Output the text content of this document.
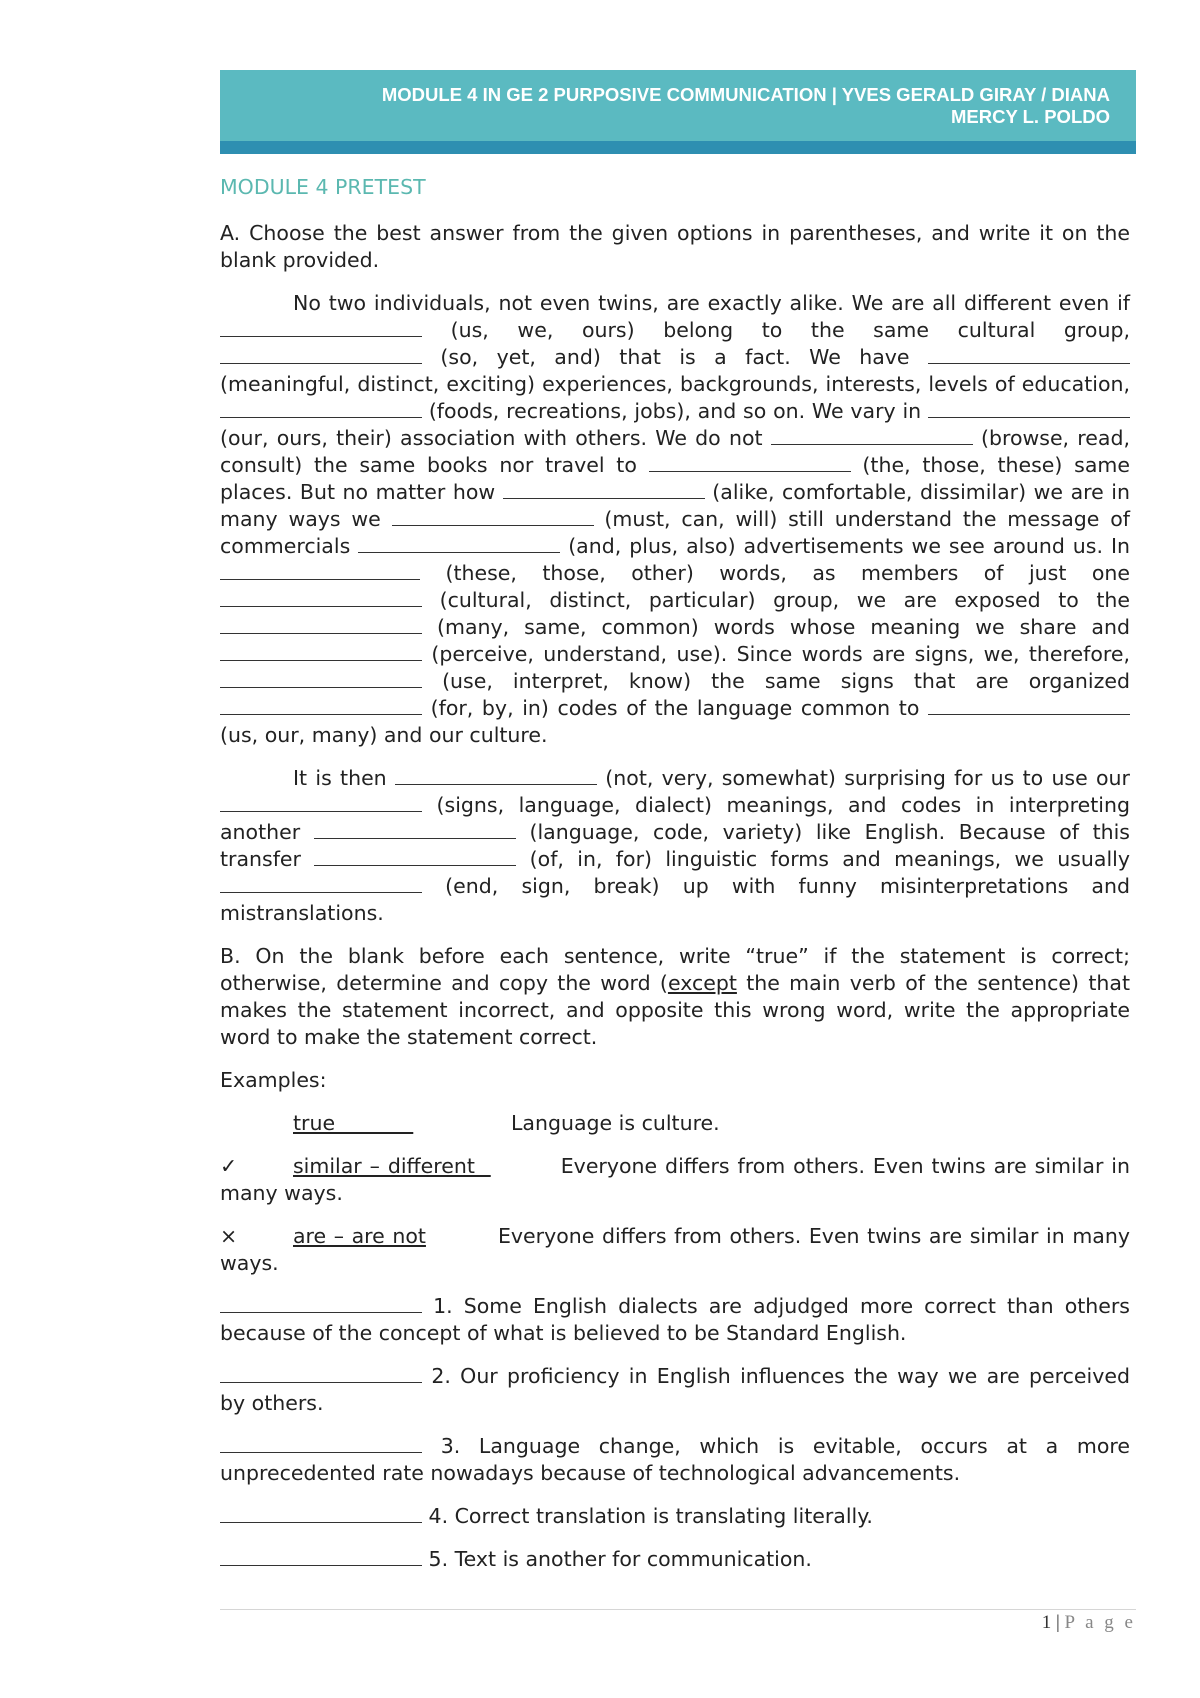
MODULE 4 IN GE 2 PURPOSIVE COMMUNICATION | YVES GERALD GIRAY / DIANA
MERCY L. POLDO
MODULE 4 PRETEST

A. Choose the best answer from the given options in parentheses, and write it on the blank provided.

No two individuals, not even twins, are exactly alike. We are all different even if  (us, we, ours) belong to the same cultural group,  (so, yet, and) that is a fact. We have  (meaningful, distinct, exciting) experiences, backgrounds, interests, levels of education,  (foods, recreations, jobs), and so on. We vary in  (our, ours, their) association with others. We do not	(browse, read, consult) the same books nor travel to	(the, those, these) same places. But no matter how	(alike, comfortable, dissimilar) we are in many ways we	(must, can, will) still understand the message of commercials	(and, plus, also) advertisements we see around us. In  (these, those, other) words, as members of just one  (cultural, distinct, particular) group, we are exposed to the  (many, same, common) words whose meaning we share and  (perceive, understand, use). Since words are signs, we, therefore,  (use, interpret, know) the same signs that are organized  (for, by, in) codes of the language common to  (us, our, many) and our culture.

It is then	(not, very, somewhat) surprising for us to use our  (signs, language, dialect) meanings, and codes in interpreting another	(language, code, variety) like English. Because of this transfer	(of, in, for) linguistic forms and meanings, we usually  (end, sign, break) up with funny misinterpretations and mistranslations.

B. On the blank before each sentence, write “true” if the statement is correct; otherwise, determine and copy the word (except the main verb of the sentence) that makes the statement incorrect, and opposite this wrong word, write the appropriate word to make the statement correct.

Examples:

true	Language is culture.

✓	similar – different	Everyone differs from others. Even twins are similar in many ways.

×	are – are not	Everyone differs from others. Even twins are similar in many ways.

1. Some English dialects are adjudged more correct than others because of the concept of what is believed to be Standard English.

2. Our proficiency in English influences the way we are perceived by others.

3. Language change, which is evitable, occurs at a more unprecedented rate nowadays because of technological advancements.

4. Correct translation is translating literally.

5. Text is another for communication.

1 | P a g e
